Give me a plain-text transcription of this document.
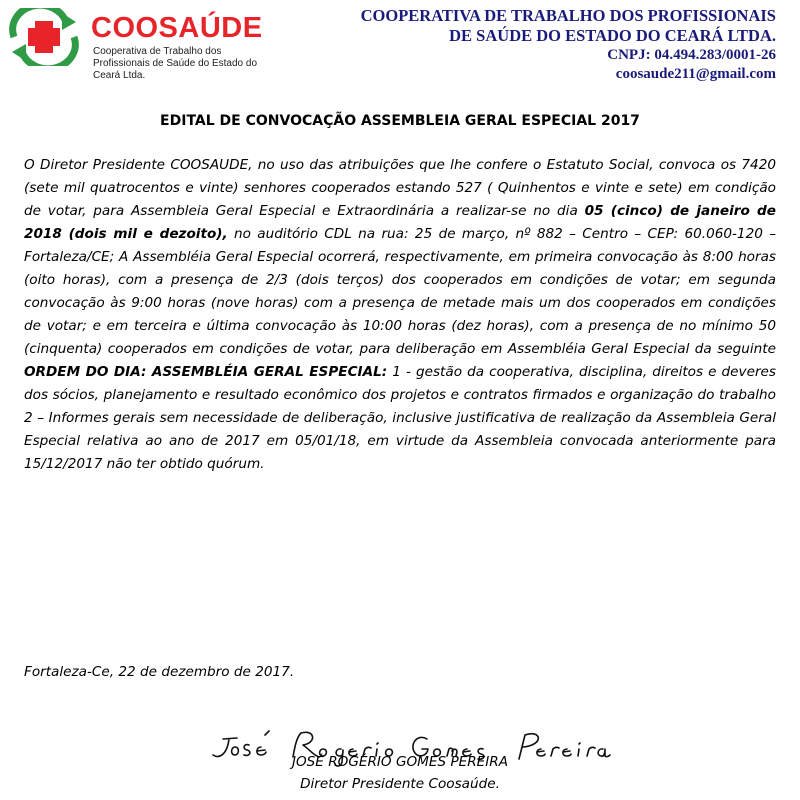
COOSAÚDE
Cooperativa de Trabalho dos Profissionais de Saúde do Estado do Ceará Ltda.
COOPERATIVA DE TRABALHO DOS PROFISSIONAIS
DE SAÚDE DO ESTADO DO CEARÁ LTDA.
CNPJ: 04.494.283/0001-26
coosaude211@gmail.com
EDITAL DE CONVOCAÇÃO ASSEMBLEIA GERAL ESPECIAL 2017
O Diretor Presidente COOSAUDE, no uso das atribuições que lhe confere o Estatuto Social, convoca os 7420 (sete mil quatrocentos e vinte) senhores cooperados estando 527 ( Quinhentos e vinte e sete) em condição de votar, para Assembleia Geral Especial e Extraordinária a realizar-se no dia 05 (cinco) de janeiro de 2018 (dois mil e dezoito), no auditório CDL na rua: 25 de março, nº 882 – Centro – CEP: 60.060-120 – Fortaleza/CE; A Assembléia Geral Especial ocorrerá, respectivamente, em primeira convocação às 8:00 horas (oito horas), com a presença de 2/3 (dois terços) dos cooperados em condições de votar; em segunda convocação às 9:00 horas (nove horas) com a presença de metade mais um dos cooperados em condições de votar; e em terceira e última convocação às 10:00 horas (dez horas), com a presença de no mínimo 50 (cinquenta) cooperados em condições de votar, para deliberação em Assembléia Geral Especial da seguinte ORDEM DO DIA: ASSEMBLÉIA GERAL ESPECIAL: 1 - gestão da cooperativa, disciplina, direitos e deveres dos sócios, planejamento e resultado econômico dos projetos e contratos firmados e organização do trabalho 2 – Informes gerais sem necessidade de deliberação, inclusive justificativa de realização da Assembleia Geral Especial relativa ao ano de 2017 em 05/01/18, em virtude da Assembleia convocada anteriormente para 15/12/2017 não ter obtido quórum.
Fortaleza-Ce, 22 de dezembro de 2017.
JOSÉ ROGÉRIO GOMES PEREIRA
Diretor Presidente Coosaúde.
